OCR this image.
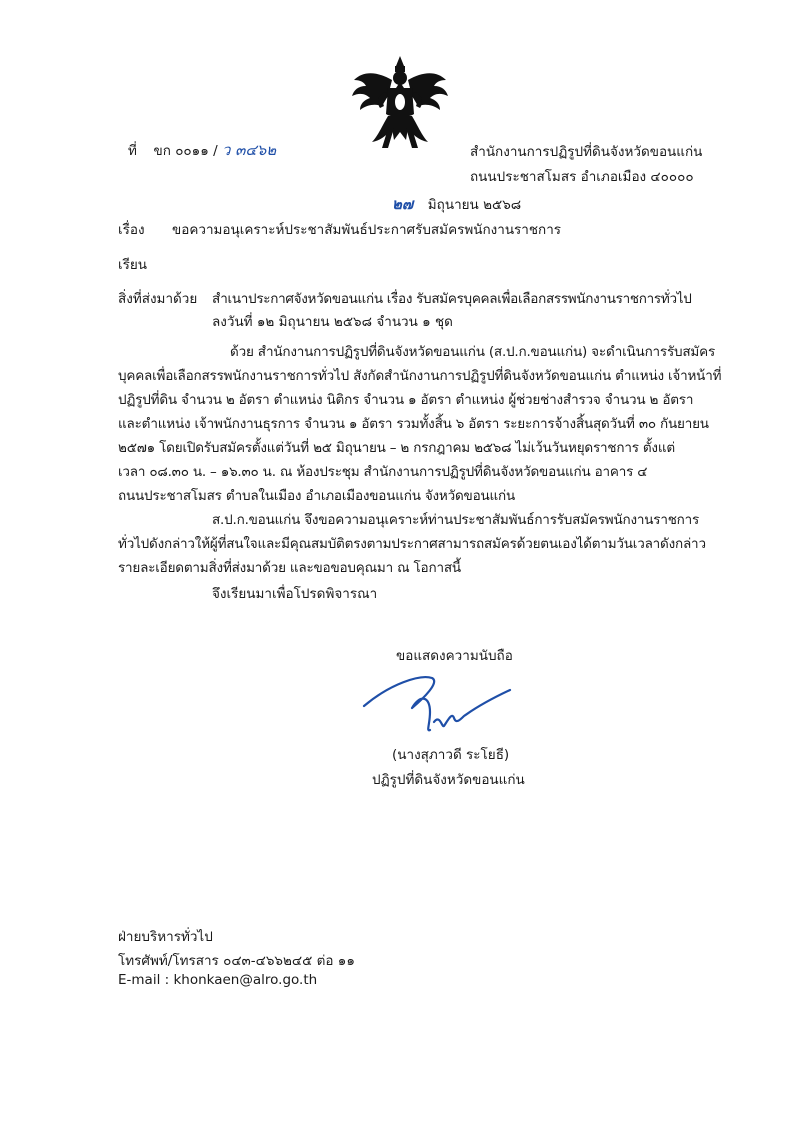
ที่ ขก ๐๐๑๑ / ว ๓๔๖๒	สำนักงานการปฏิรูปที่ดินจังหวัดขอนแก่น
ถนนประชาสโมสร อำเภอเมือง ๔๐๐๐๐
๒๗ มิถุนายน ๒๕๖๘
เรื่อง ขอความอนุเคราะห์ประชาสัมพันธ์ประกาศรับสมัครพนักงานราชการ
เรียน
สิ่งที่ส่งมาด้วย สำเนาประกาศจังหวัดขอนแก่น เรื่อง รับสมัครบุคคลเพื่อเลือกสรรพนักงานราชการทั่วไป
ลงวันที่ ๑๒ มิถุนายน ๒๕๖๘ จำนวน ๑ ชุด
ด้วย สำนักงานการปฏิรูปที่ดินจังหวัดขอนแก่น (ส.ป.ก.ขอนแก่น) จะดำเนินการรับสมัคร
บุคคลเพื่อเลือกสรรพนักงานราชการทั่วไป สังกัดสำนักงานการปฏิรูปที่ดินจังหวัดขอนแก่น ตำแหน่ง เจ้าหน้าที่
ปฏิรูปที่ดิน จำนวน ๒ อัตรา ตำแหน่ง นิติกร จำนวน ๑ อัตรา ตำแหน่ง ผู้ช่วยช่างสำรวจ จำนวน ๒ อัตรา
และตำแหน่ง เจ้าพนักงานธุรการ จำนวน ๑ อัตรา รวมทั้งสิ้น ๖ อัตรา ระยะการจ้างสิ้นสุดวันที่ ๓๐ กันยายน
๒๕๗๑ โดยเปิดรับสมัครตั้งแต่วันที่ ๒๕ มิถุนายน – ๒ กรกฎาคม ๒๕๖๘ ไม่เว้นวันหยุดราชการ ตั้งแต่
เวลา ๐๘.๓๐ น. – ๑๖.๓๐ น. ณ ห้องประชุม สำนักงานการปฏิรูปที่ดินจังหวัดขอนแก่น อาคาร ๔
ถนนประชาสโมสร ตำบลในเมือง อำเภอเมืองขอนแก่น จังหวัดขอนแก่น
ส.ป.ก.ขอนแก่น จึงขอความอนุเคราะห์ท่านประชาสัมพันธ์การรับสมัครพนักงานราชการ
ทั่วไปดังกล่าวให้ผู้ที่สนใจและมีคุณสมบัติตรงตามประกาศสามารถสมัครด้วยตนเองได้ตามวันเวลาดังกล่าว
รายละเอียดตามสิ่งที่ส่งมาด้วย และขอขอบคุณมา ณ โอกาสนี้
จึงเรียนมาเพื่อโปรดพิจารณา
ขอแสดงความนับถือ
(นางสุภาวดี ระโยธี)
ปฏิรูปที่ดินจังหวัดขอนแก่น
ฝ่ายบริหารทั่วไป
โทรศัพท์/โทรสาร ๐๔๓-๔๖๖๒๔๕ ต่อ ๑๑
E-mail : khonkaen@alro.go.th
